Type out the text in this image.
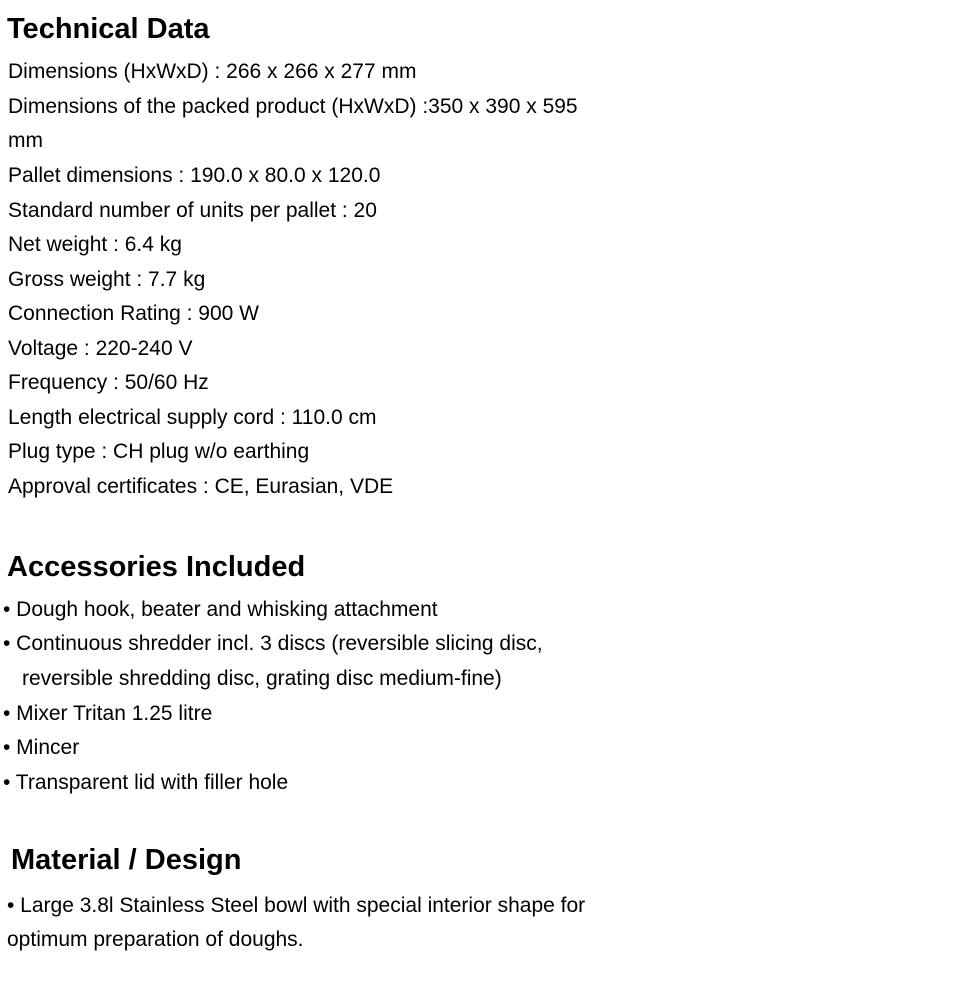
Technical Data

Dimensions (HxWxD) : 266 x 266 x 277 mm

Dimensions of the packed product (HxWxD) :350 x 390 x 595

mm

Pallet dimensions : 190.0 x 80.0 x 120.0

Standard number of units per pallet : 20

Net weight : 6.4 kg

Gross weight : 7.7 kg

Connection Rating : 900 W

Voltage : 220-240 V

Frequency : 50/60 Hz

Length electrical supply cord : 110.0 cm

Plug type : CH plug w/o earthing

Approval certificates : CE, Eurasian, VDE

Accessories Included

• Dough hook, beater and whisking attachment

• Continuous shredder incl. 3 discs (reversible slicing disc,

reversible shredding disc, grating disc medium-fine)

• Mixer Tritan 1.25 litre

• Mincer

• Transparent lid with filler hole

Material / Design

• Large 3.8l Stainless Steel bowl with special interior shape for

optimum preparation of doughs.
